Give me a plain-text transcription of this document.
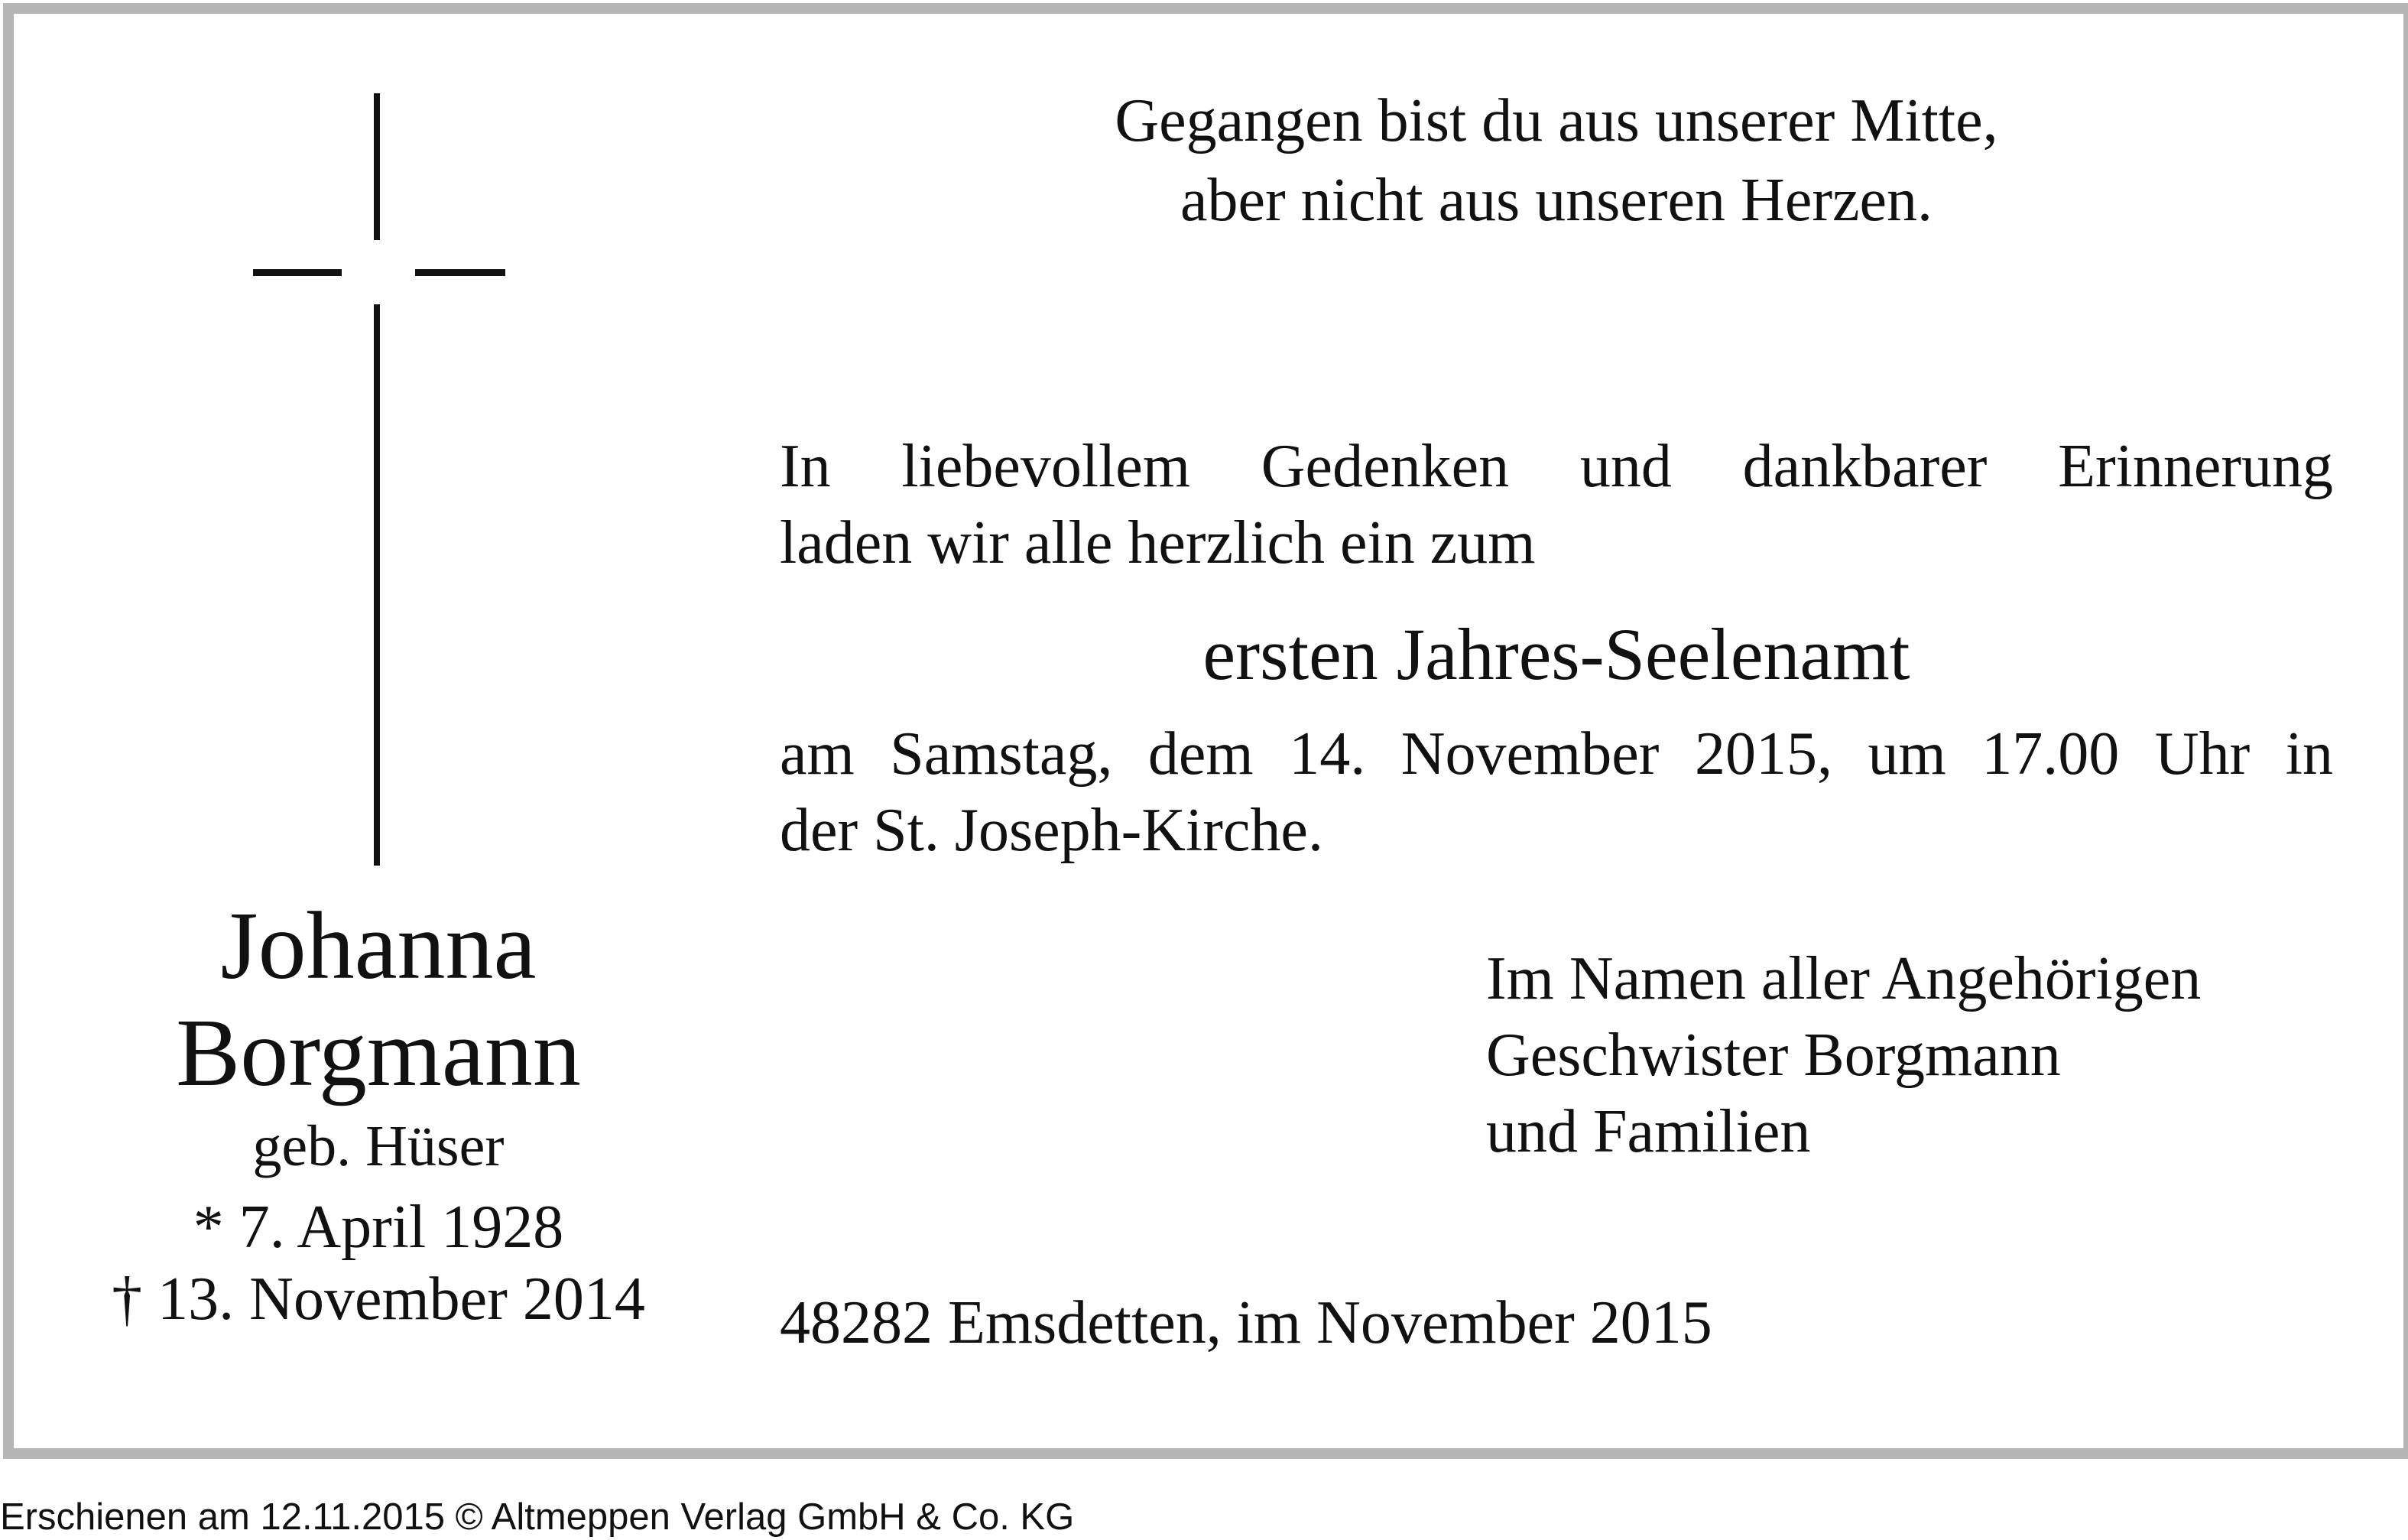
Gegangen bist du aus unserer Mitte,
aber nicht aus unseren Herzen.
Johanna
Borgmann
geb. Hüser
* 7. April 1928
† 13. November 2014
In liebevollem Gedenken und dankbarer Erinnerung
laden wir alle herzlich ein zum
ersten Jahres-Seelenamt
am Samstag, dem 14. November 2015, um 17.00 Uhr in
der St. Joseph-Kirche.
Im Namen aller Angehörigen
Geschwister Borgmann
und Familien
48282 Emsdetten, im November 2015
Erschienen am 12.11.2015 © Altmeppen Verlag GmbH & Co. KG
